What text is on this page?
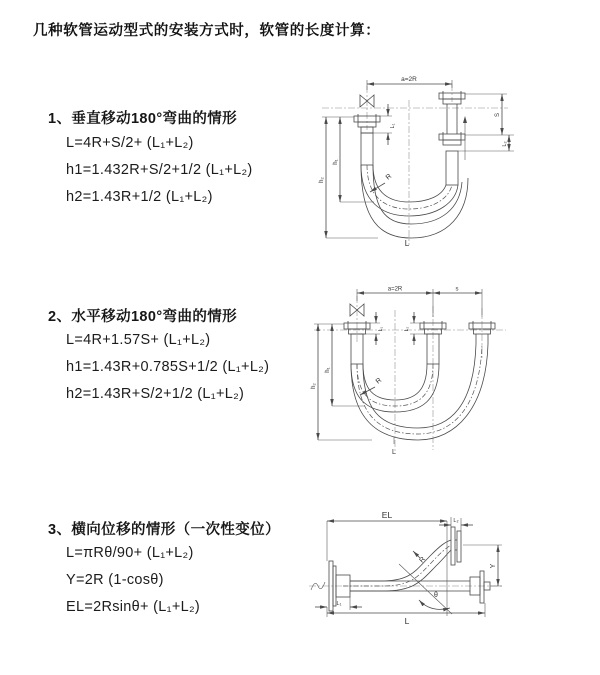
几种软管运动型式的安装方式时，软管的长度计算：
1、垂直移动180°弯曲的情形
L=4R+S/2+ (L₁+L₂)
h1=1.432R+S/2+1/2 (L₁+L₂)
h2=1.43R+1/2 (L₁+L₂)
2、水平移动180°弯曲的情形
L=4R+1.57S+ (L₁+L₂)
h1=1.43R+0.785S+1/2 (L₁+L₂)
h2=1.43R+S/2+1/2 (L₁+L₂)
3、横向位移的情形（一次性变位）
L=πRθ/90+ (L₁+L₂)
Y=2R (1-cosθ)
EL=2Rsinθ+ (L₁+L₂)
a=2R
h₁
h₂
L₁
S
L₂
R
L
a=2R	s
h₁
h₂
L₁	L₂
R
L
EL
L₂
Y
R
θ
L
L₁
